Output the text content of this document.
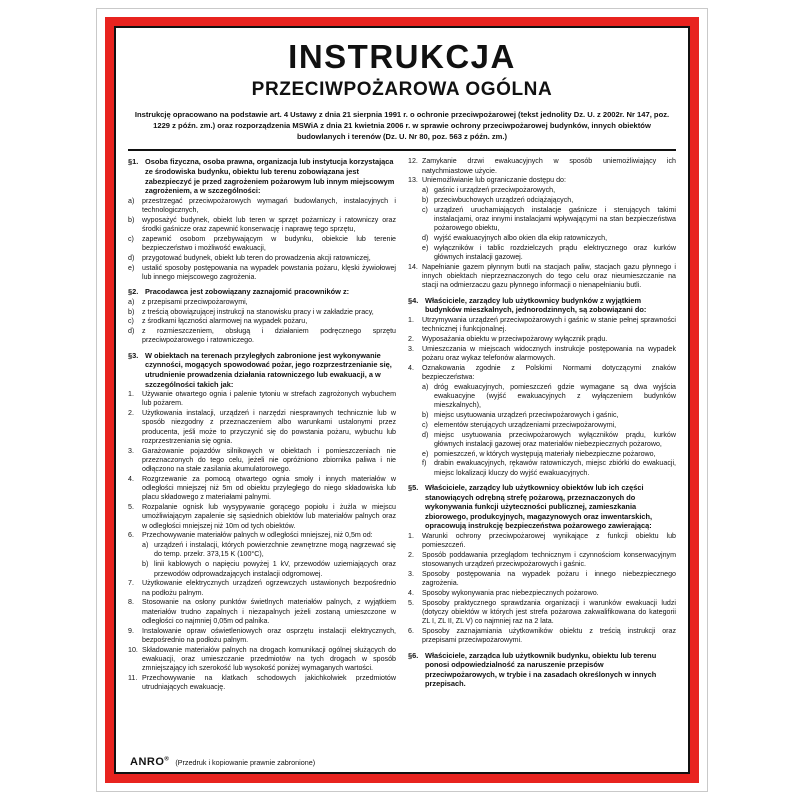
INSTRUKCJA
PRZECIWPOŻAROWA OGÓLNA
Instrukcję opracowano na podstawie art. 4 Ustawy z dnia 21 sierpnia 1991 r. o ochronie przeciwpożarowej (tekst jednolity Dz. U. z 2002r. Nr 147, poz. 1229 z późn. zm.) oraz rozporządzenia MSWiA z dnia 21 kwietnia 2006 r. w sprawie ochrony przeciwpożarowej budynków, innych obiektów budowlanych i terenów (Dz. U. Nr 80, poz. 563 z późn. zm.)
§1. Osoba fizyczna, osoba prawna, organizacja lub instytucja korzystająca ze środowiska budynku, obiektu lub terenu zobowiązana jest zabezpieczyć je przed zagrożeniem pożarowym lub innym miejscowym zagrożeniem, a w szczególności:
a)	przestrzegać przeciwpożarowych wymagań budowlanych, instalacyjnych i technologicznych,
b)	wyposażyć budynek, obiekt lub teren w sprzęt pożarniczy i ratowniczy oraz środki gaśnicze oraz zapewnić konserwację i naprawę tego sprzętu,
c)	zapewnić osobom przebywającym w budynku, obiekcie lub terenie bezpieczeństwo i możliwość ewakuacji,
d)	przygotować budynek, obiekt lub teren do prowadzenia akcji ratowniczej,
e)	ustalić sposoby postępowania na wypadek powstania pożaru, klęski żywiołowej lub innego miejscowego zagrożenia.
§2. Pracodawca jest zobowiązany zaznajomić pracowników z:
a)	z przepisami przeciwpożarowymi,
b)	z treścią obowiązującej instrukcji na stanowisku pracy i w zakładzie pracy,
c)	z środkami łączności alarmowej na wypadek pożaru,
d)	z rozmieszczeniem, obsługą i działaniem podręcznego sprzętu przeciwpożarowego i ratowniczego.
§3. W obiektach na terenach przyległych zabronione jest wykonywanie czynności, mogących spowodować pożar, jego rozprzestrzenianie się, utrudnienie prowadzenia działania ratowniczego lub ewakuacji, a w szczególności takich jak:
1.	Używanie otwartego ognia i palenie tytoniu w strefach zagrożonych wybuchem lub pożarem.
2.	Użytkowania instalacji, urządzeń i narzędzi niesprawnych technicznie lub w sposób niezgodny z przeznaczeniem albo warunkami ustalonymi przez producenta, jeśli może to przyczynić się do powstania pożaru, wybuchu lub rozprzestrzeniania się ognia.
3.	Garażowanie pojazdów silnikowych w obiektach i pomieszczeniach nie przeznaczonych do tego celu, jeżeli nie opróżniono zbiornika paliwa i nie odłączono na stałe zasilania akumulatorowego.
4.	Rozgrzewanie za pomocą otwartego ognia smoły i innych materiałów w odległości mniejszej niż 5m od obiektu przyległego do niego składowiska lub placu składowego z materiałami palnymi.
5.	Rozpalanie ognisk lub wysypywanie gorącego popiołu i żużla w miejscu umożliwiającym zapalenie się sąsiednich obiektów lub materiałów palnych oraz w odległości mniejszej niż 10m od tych obiektów.
6.	Przechowywanie materiałów palnych w odległości mniejszej, niż 0,5m od:
a) urządzeń i instalacji, których powierzchnie zewnętrzne mogą nagrzewać się do temp. przekr. 373,15 K (100°C),
b) linii kablowych o napięciu powyżej 1 kV, przewodów uziemiających oraz przewodów odprowadzających instalacji odgromowej.
7.	Użytkowanie elektrycznych urządzeń ogrzewczych ustawionych bezpośrednio na podłożu palnym.
8.	Stosowanie na osłony punktów świetlnych materiałów palnych, z wyjątkiem materiałów trudno zapalnych i niezapalnych jeżeli zostaną umieszczone w odległości co najmniej 0,05m od palnika.
9.	Instalowanie opraw oświetleniowych oraz osprzętu instalacji elektrycznych, bezpośrednio na podłożu palnym.
10. Składowanie materiałów palnych na drogach komunikacji ogólnej służących do ewakuacji, oraz umieszczanie przedmiotów na tych drogach w sposób zmniejszający ich szerokość lub wysokość poniżej wymaganych wartości.
11. Przechowywanie na klatkach schodowych jakichkolwiek przedmiotów utrudniających ewakuację.
12. Zamykanie drzwi ewakuacyjnych w sposób uniemożliwiający ich natychmiastowe użycie.
13. Uniemożliwianie lub ograniczanie dostępu do:
a) gaśnic i urządzeń przeciwpożarowych,
b) przeciwbuchowych urządzeń odciążających,
c) urządzeń uruchamiających instalacje gaśnicze i sterujących takimi instalacjami, oraz innymi instalacjami wpływającymi na stan bezpieczeństwa pożarowego obiektu,
d) wyjść ewakuacyjnych albo okien dla ekip ratowniczych,
e) wyłączników i tablic rozdzielczych prądu elektrycznego oraz kurków głównych instalacji gazowej.
14. Napełnianie gazem płynnym butli na stacjach paliw, stacjach gazu płynnego i innych obiektach nieprzeznaczonych do tego celu oraz nieumieszczanie na stacji na odmierzaczu gazu płynnego informacji o nienapełnianiu butli.
§4. Właściciele, zarządcy lub użytkownicy budynków z wyjątkiem budynków mieszkalnych, jednorodzinnych, są zobowiązani do:
1.	Utrzymywania urządzeń przeciwpożarowych i gaśnic w stanie pełnej sprawności technicznej i funkcjonalnej.
2.	Wyposażania obiektu w przeciwpożarowy wyłącznik prądu.
3.	Umieszczania w miejscach widocznych instrukcje postępowania na wypadek pożaru oraz wykaz telefonów alarmowych.
4.	Oznakowania zgodnie z Polskimi Normami dotyczącymi znaków bezpieczeństwa:
a) dróg ewakuacyjnych, pomieszczeń gdzie wymagane są dwa wyjścia ewakuacyjne (wyjść ewakuacyjnych z wyłączeniem budynków mieszkalnych),
b) miejsc usytuowania urządzeń przeciwpożarowych i gaśnic,
c) elementów sterujących urządzeniami przeciwpożarowymi,
d) miejsc usytuowania przeciwpożarowych wyłączników prądu, kurków głównych instalacji gazowej oraz materiałów niebezpiecznych pożarowo,
e) pomieszczeń, w których występują materiały niebezpieczne pożarowo,
f)	drabin ewakuacyjnych, rękawów ratowniczych, miejsc zbiórki do ewakuacji, miejsc lokalizacji kluczy do wyjść ewakuacyjnych.
§5. Właściciele, zarządcy lub użytkownicy obiektów lub ich części stanowiących odrębną strefę pożarową, przeznaczonych do wykonywania funkcji użyteczności publicznej, zamieszkania zbiorowego, produkcyjnych, magazynowych oraz inwentarskich, opracowują instrukcję bezpieczeństwa pożarowego zawierającą:
1.	Warunki ochrony przeciwpożarowej wynikające z funkcji obiektu lub pomieszczeń.
2.	Sposób poddawania przeglądom technicznym i czynnościom konserwacyjnym stosowanych urządzeń przeciwpożarowych i gaśnic.
3.	Sposoby postępowania na wypadek pożaru i innego niebezpiecznego zagrożenia.
4.	Sposoby wykonywania prac niebezpiecznych pożarowo.
5.	Sposoby praktycznego sprawdzania organizacji i warunków ewakuacji ludzi (dotyczy obiektów w których jest strefa pożarowa zakwalifikowana do kategorii ZL I, ZL II, ZL V) co najmniej raz na 2 lata.
6.	Sposoby zaznajamiania użytkowników obiektu z treścią instrukcji oraz przepisami przeciwpożarowymi.
§6. Właściciele, zarządca lub użytkownik budynku, obiektu lub terenu ponosi odpowiedzialność za naruszenie przepisów przeciwpożarowych, w trybie i na zasadach określonych w innych przepisach.
ANRO® (Przedruk i kopiowanie prawnie zabronione)
